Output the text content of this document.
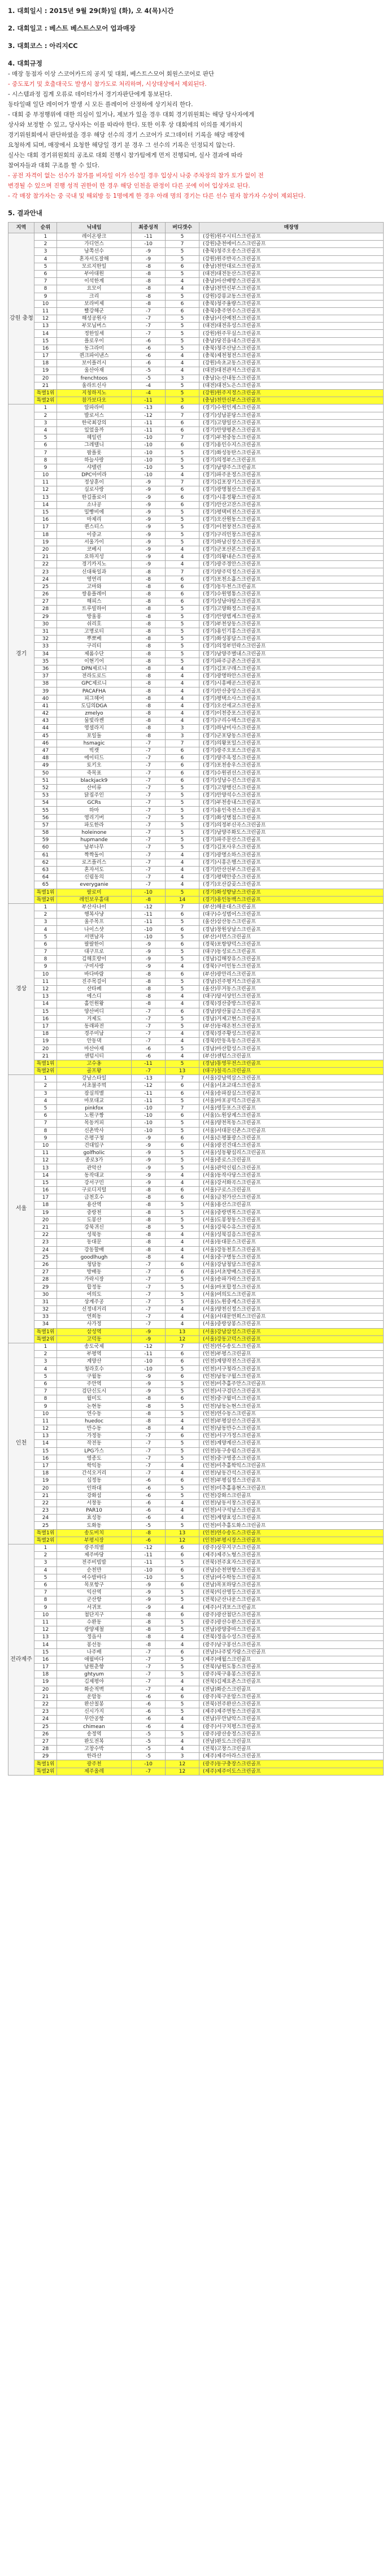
1. 대회일시 : 2015년 9월 29(화)일 (화), 오 4(목)시간

2. 대회일고 : 베스트 베스트스모어 업과매장

3. 대회코스 : 아리지CC

4. 대회규정

- 매장 동점자 이상 스코어카드의 공지 및 대회, 베스트스모어 회원스코어로 판단

- 중도포기 및 호출대국도 발생시 참가도로 처리하며, 시상대상에서 제외된다.

- 시스템과정 집계 오류로 데이터가서 경기자판단에게 통보된다.

동타일때 일단 레이어가 발생 시 모든 플레이어 산정하에 상기처리 한다.

- 대회 중 부정행위에 대한 의심이 있거나, 제보가 있을 경우 대회 경기위원회는 해당 당사자에게

상사와 보정할 수 있고, 당사자는 이를 따라야 한다. 또한 이후 상 대회에의 이의를 제기하지

경기위원회에서 판단하였을 경우 해당 선수의 경기 스코어가 로그데이터 기록을 해당 매장에

요청하게 되며, 매장에서 요청한 해당일 경기 분 경우 그 선수의 기록은 인정되지 않는다.

실사는 대회 경기위원회의 공조로 대회 진행시 참가팀에게 먼저 진행되며, 실사 결과에 따라

참여자들과 대회 구조를 할 수 있다.

- 공전 자격이 없는 선수가 참가를 비자일 이가 선수일 경우 입상시 나중 주차장의 참가 토가 없이 전

변경될 수 있으며 진행 성적 권한이 한 경우 해당 인천을 판정이 다른 곳에 이어 입상자로 된다.

- 각 매장 참가자는 중 국내 및 해외방 등 1명에게 한 경우 아래 명의 경기는 다른 선수 필자 참가자 수상이 제외된다.

5. 결과안내

지역	순위	닉네임	최종성적	버디갯수	매장명
강원 충청	1	레이온팡크	-11	5	(강원)원주시티스크린골프
	2	가디언스	-10	7	(강원)춘천에이스스크린골프
	3	남쪽선수	-9	5	(충북)청주오송스크린골프
	4	혼자서도잘해	-9	5	(강원)원주반곡스크린골프
	5	모르지한일	-8	6	(충남)천안대로스크린골프
	6	부아대원	-8	5	(대전)대전둔산스크린골프
	7	이석한계	-8	4	(충남)아산배방스크린골프
	8	요모이	-8	4	(충남)천안신부스크린골프
	9	크리	-8	5	(강원)강릉교동스크린골프
	10	보라비제	-8	6	(충북)청주율량스크린골프
	11	빨강해군	-7	6	(충북)충주연수스크린골프
	12	해성공원사	-7	5	(충남)서산예천스크린골프
	13	부모님버스	-7	5	(대전)대전유성스크린골프
	14	정한일세	-7	5	(강원)원주무실스크린골프
	15	플로우이	-6	5	(충남)당진읍내스크린골프
	16	동그라미	-6	5	(충북)청주산남스크린골프
	17	퀸크파이낸스	-6	4	(충북)제천청전스크린골프
	18	보이플러시	-6	4	(강원)속초교동스크린골프
	19	울산아재	-5	4	(대전)대전관저스크린골프
	20	frenchtoos	-5	3	(충남)논산내동스크린골프
	21	울라트신사	-4	5	(대전)대전노은스크린골프
	특별1위	지칭하지노	-4	5	(강원)원주지정스크린골프
	특별2위	참가보다오	-11	3	(충남)천안신부스크린골프
경기	1	알파라비	-13	6	(경기)수원인계스크린골프
	2	발로서스	-12	7	(경기)성남분당스크린골프
	3	한국최강의	-11	6	(경기)고양일산스크린골프
	4	있었을까	-11	6	(경기)안양평촌스크린골프
	5	헤일린	-10	7	(경기)부천중동스크린골프
	6	그레텔니	-10	6	(경기)용인수지스크린골프
	7	팝플롯	-10	5	(경기)화성동탄스크린골프
	8	하늘사랑	-10	5	(경기)의정부스크린골프
	9	샤텔린	-10	5	(경기)남양주스크린골프
	10	DPC아미라	-10	4	(경기)파주운정스크린골프
	11	정상훈이	-9	7	(경기)김포장기스크린골프
	12	실로사랑	-9	6	(경기)광명철산스크린골프
	13	한길플로이	-9	6	(경기)시흥정왕스크린골프
	14	소나공	-9	6	(경기)안산고잔스크린골프
	15	밀빵비에	-9	5	(경기)평택비전스크린골프
	16	마제리	-9	5	(경기)오산원동스크린골프
	17	퀸스티스	-9	5	(경기)이천창전스크린골프
	18	이중교	-9	5	(경기)구리인창스크린골프
	19	서울가이	-9	5	(경기)하남신장스크린골프
	20	코베시	-9	4	(경기)군포산본스크린골프
	21	요하지성	-9	4	(경기)의왕내손스크린골프
	22	경기카지노	-9	4	(경기)광주경안스크린골프
	23	신대륙일과	-8	7	(경기)양주덕정스크린골프
	24	영연리	-8	6	(경기)포천소흘스크린골프
	25	고마와	-8	6	(경기)동두천스크린골프
	26	쌍용플레이	-8	6	(경기)수원영통스크린골프
	27	해피스	-8	6	(경기)성남야탑스크린골프
	28	트루빌하이	-8	5	(경기)고양화정스크린골프
	29	방울롱	-8	5	(경기)안양범계스크린골프
	30	쉬리호	-8	5	(경기)부천상동스크린골프
	31	고명로티	-8	5	(경기)용인기흥스크린골프
	32	뿌뽀베	-8	5	(경기)화성봉담스크린골프
	33	구리티	-8	5	(경기)의정부민락스크린골프
	34	제롬수단	-8	5	(경기)남양주별내스크린골프
	35	이현기어	-8	5	(경기)파주금촌스크린골프
	36	DPN제르니	-8	4	(경기)김포구래스크린골프
	37	전라도로드	-8	4	(경기)광명하안스크린골프
	38	GPC제르니	-8	4	(경기)시흥배곧스크린골프
	39	PACAFHA	-8	4	(경기)안산중앙스크린골프
	40	피그헤어	-8	4	(경기)평택소사스크린골프
	41	도딤의DGA	-8	4	(경기)오산세교스크린골프
	42	zmelyo	-8	4	(경기)이천증포스크린골프
	43	물빛라켄	-8	4	(경기)구리수택스크린골프
	44	영셜라지	-8	3	(경기)하남미사스크린골프
	45	포일돌	-8	3	(경기)군포당동스크린골프
	46	hsmagic	-7	7	(경기)의왕포일스크린골프
	47	빅캣	-7	6	(경기)광주오포스크린골프
	48	에이티드	-7	6	(경기)양주옥정스크린골프
	49	토키오	-7	6	(경기)포천송우스크린골프
	50	죽목표	-7	6	(경기)수원권선스크린골프
	51	blackjack9	-7	6	(경기)성남수진스크린골프
	52	산미류	-7	5	(경기)고양행신스크린골프
	53	닭집주인	-7	5	(경기)안양석수스크린골프
	54	GCRs	-7	5	(경기)부천송내스크린골프
	55	하마	-7	5	(경기)용인죽전스크린골프
	56	영리기버	-7	5	(경기)화성병점스크린골프
	57	파도한라	-7	5	(경기)의정부신곡스크린골프
	58	holeinone	-7	5	(경기)남양주화도스크린골프
	59	hupmande	-7	5	(경기)파주문산스크린골프
	60	남부나무	-7	5	(경기)김포사우스크린골프
	61	짝짝돌이	-7	4	(경기)광명소하스크린골프
	62	로즈플러스	-7	4	(경기)시흥은행스크린골프
	63	혼자서도	-7	4	(경기)안산선부스크린골프
	64	신림동의	-7	4	(경기)평택안중스크린골프
	65	everyganie	-7	4	(경기)오산갈곶스크린골프
	특별1위	팔로미	-10	5	(경기)화성향남스크린골프
	특별2위	레인보우홀대	-8	14	(경기)용인동백스크린골프
경상	1	부산사나이	-12	7	(부산)해운대스크린골프
	2	행복사냥	-11	6	(대구)수성범어스크린골프
	3	울주목프	-11	5	(울산)삼산동스크린골프
	4	나이스샷	-10	6	(경남)창원상남스크린골프
	5	서면남자	-10	5	(부산)서면스크린골프
	6	팔팔한이	-9	6	(경북)포항양덕스크린골프
	7	대구프로	-9	5	(대구)동성로스크린골프
	8	김해호랑이	-9	5	(경남)김해장유스크린골프
	9	구미사랑	-9	4	(경북)구미인동스크린골프
	10	바다바람	-8	6	(부산)광안리스크린골프
	11	진주목걸이	-8	5	(경남)진주평거스크린골프
	12	산타페	-8	5	(울산)무거동스크린골프
	13	에스디	-8	4	(대구)달서상인스크린골프
	14	홀인원왕	-8	4	(경북)경산중방스크린골프
	15	양산버디	-7	6	(경남)양산물금스크린골프
	16	거제도	-7	5	(경남)거제고현스크린골프
	17	동래파전	-7	5	(부산)동래온천스크린골프
	18	경주미남	-7	4	(경북)경주황성스크린골프
	19	안동댁	-7	4	(경북)안동옥동스크린골프
	20	마산아재	-6	5	(경남)마산합성스크린골프
	21	센텀시티	-6	4	(부산)센텀스크린골프
	특별1위	고수옹	-11	5	(경남)통영무전스크린골프
	특별2위	골프왕	-7	13	(대구)칠곡스크린골프
서울	1	강남스타일	-13	7	(서울)강남역삼스크린골프
	2	서초불주먹	-12	6	(서울)서초교대스크린골프
	3	잠실의별	-11	6	(서울)송파잠실스크린골프
	4	마포대교	-11	5	(서울)마포공덕스크린골프
	5	pinkfox	-10	7	(서울)영등포스크린골프
	6	노원구짱	-10	6	(서울)노원상계스크린골프
	7	목동커피	-10	5	(서울)양천목동스크린골프
	8	신촌박사	-10	5	(서울)서대문신촌스크린골프
	9	은평구청	-9	6	(서울)은평불광스크린골프
	10	건대입구	-9	6	(서울)광진건대스크린골프
	11	golfholic	-9	5	(서울)성동왕십리스크린골프
	12	종로3가	-9	5	(서울)종로스크린골프
	13	관악산	-9	5	(서울)관악신림스크린골프
	14	동작대교	-9	4	(서울)동작사당스크린골프
	15	강서구민	-9	4	(서울)강서화곡스크린골프
	16	구로디지털	-8	6	(서울)구로스크린골프
	17	금천호수	-8	6	(서울)금천가산스크린골프
	18	용산역	-8	5	(서울)용산스크린골프
	19	중랑천	-8	5	(서울)중랑면목스크린골프
	20	도봉산	-8	5	(서울)도봉창동스크린골프
	21	강북귀신	-8	5	(서울)강북수유스크린골프
	22	성북동	-8	4	(서울)성북길음스크린골프
	23	동대문	-8	4	(서울)동대문스크린골프
	24	강동할배	-8	4	(서울)강동천호스크린골프
	25	goodlhugh	-8	4	(서울)중구명동스크린골프
	26	청담동	-7	6	(서울)강남청담스크린골프
	27	방배동	-7	6	(서울)서초방배스크린골프
	28	가락시장	-7	5	(서울)송파가락스크린골프
	29	합정동	-7	5	(서울)마포합정스크린골프
	30	여의도	-7	5	(서울)여의도스크린골프
	31	상계주공	-7	5	(서울)노원중계스크린골프
	32	신정네거리	-7	4	(서울)양천신정스크린골프
	33	연희동	-7	4	(서울)서대문연희스크린골프
	34	사가정	-7	4	(서울)중랑상봉스크린골프
	특별1위	삼성역	-9	13	(서울)강남삼성스크린골프
	특별2위	고덕동	-9	12	(서울)강동고덕스크린골프
인천	1	송도국제	-12	7	(인천)연수송도스크린골프
	2	부평역	-11	6	(인천)부평스크린골프
	3	계양산	-10	6	(인천)계양작전스크린골프
	4	청라호수	-10	5	(인천)서구청라스크린골프
	5	구월동	-9	6	(인천)남동구월스크린골프
	6	주안역	-9	5	(인천)미추홀주안스크린골프
	7	검단신도시	-9	5	(인천)서구검단스크린골프
	8	월미도	-8	6	(인천)중구월미스크린골프
	9	논현동	-8	5	(인천)남동논현스크린골프
	10	연수동	-8	5	(인천)연수동스크린골프
	11	huedoc	-8	4	(인천)부평삼산스크린골프
	12	만수동	-8	4	(인천)남동만수스크린골프
	13	가정동	-7	6	(인천)서구가정스크린골프
	14	작전동	-7	5	(인천)계양계산스크린골프
	15	LPG가스	-7	5	(인천)동구송림스크린골프
	16	영종도	-7	5	(인천)중구영종스크린골프
	17	학익동	-7	4	(인천)미추홀학익스크린골프
	18	간석오거리	-7	4	(인천)남동간석스크린골프
	19	십정동	-6	6	(인천)부평십정스크린골프
	20	인하대	-6	5	(인천)미추홀용현스크린골프
	21	강화섬	-6	5	(인천)강화스크린골프
	22	서창동	-6	4	(인천)남동서창스크린골프
	23	PAR10	-6	4	(인천)서구석남스크린골프
	24	효성동	-6	4	(인천)계양효성스크린골프
	25	도화동	-5	5	(인천)미추홀도화스크린골프
	특별1위	송도비치	-8	13	(인천)연수송도스크린골프
	특별2위	부평시장	-6	12	(인천)부평시장스크린골프
전라제주	1	광주의별	-12	6	(광주)상무지구스크린골프
	2	제주바당	-11	6	(제주)제주노형스크린골프
	3	전주비빔밥	-11	5	(전북)전주효자스크린골프
	4	순천만	-10	6	(전남)순천연향스크린골프
	5	여수밤바다	-10	5	(전남)여수학동스크린골프
	6	목포항구	-9	6	(전남)목포하당스크린골프
	7	익산역	-9	5	(전북)익산영등스크린골프
	8	군산항	-9	5	(전북)군산나운스크린골프
	9	서귀포	-9	4	(제주)서귀포스크린골프
	10	첨단지구	-8	6	(광주)광산첨단스크린골프
	11	수완동	-8	5	(광주)광산수완스크린골프
	12	광양제철	-8	5	(전남)광양중마스크린골프
	13	정읍사	-8	4	(전북)정읍수성스크린골프
	14	봉선동	-8	4	(광주)남구봉선스크린골프
	15	나주배	-7	6	(전남)나주빛가람스크린골프
	16	애월바다	-7	5	(제주)애월스크린골프
	17	남원춘향	-7	5	(전북)남원도통스크린골프
	18	ghtyum	-7	5	(광주)북구용봉스크린골프
	19	김제평야	-7	4	(전북)김제요촌스크린골프
	20	화순적벽	-7	4	(전남)화순스크린골프
	21	운암동	-6	6	(광주)북구운암스크린골프
	22	완산칠봉	-6	5	(전북)전주완산스크린골프
	23	신시가지	-6	5	(제주)제주연동스크린골프
	24	무안공항	-6	4	(전남)무안남악스크린골프
	25	chimean	-6	4	(광주)서구치평스크린골프
	26	송정역	-5	5	(광주)광산송정스크린골프
	27	완도전복	-5	4	(전남)완도스크린골프
	28	고창수박	-5	4	(전북)고창스크린골프
	29	한라산	-5	3	(제주)제주아라스크린골프
	특별1위	광주천	-10	12	(광주)동구충장스크린골프
	특별2위	제주올레	-7	12	(제주)제주이도스크린골프
